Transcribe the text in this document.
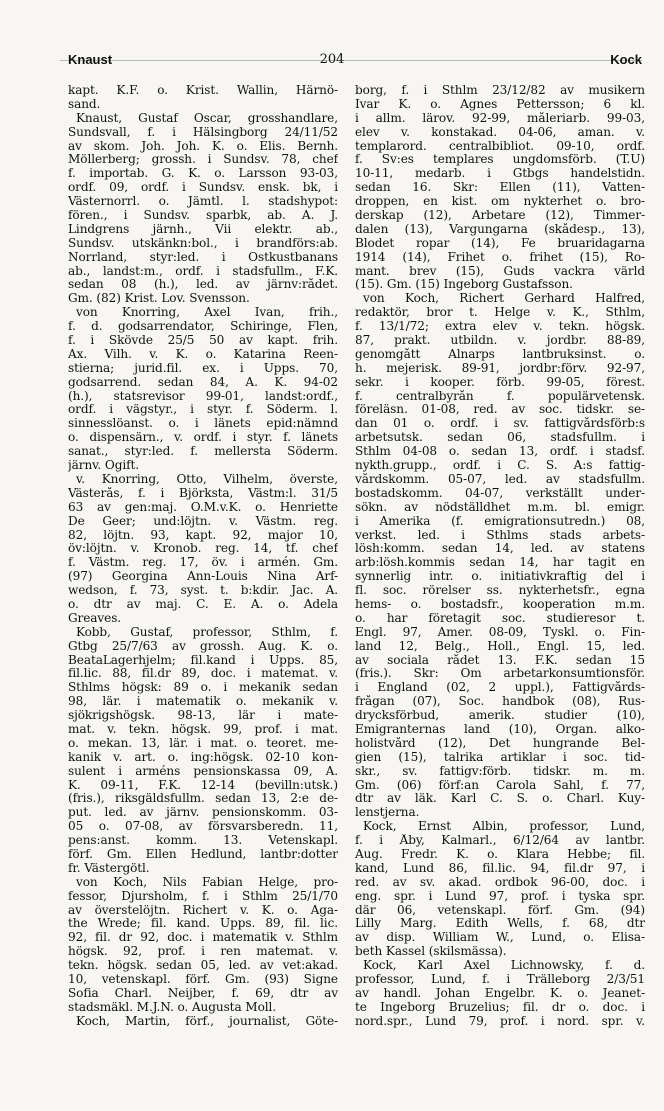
Knaust	204	Kock
kapt. K.F. o. Krist. Wallin, Härnö-
sand.
Knaust, Gustaf Oscar, grosshandlare,
Sundsvall, f. i Hälsingborg 24/11/52
av skom. Joh. Joh. K. o. Elis. Bernh.
Möllerberg; grossh. i Sundsv. 78, chef
f. importab. G. K. o. Larsson 93-03,
ordf. 09, ordf. i Sundsv. ensk. bk, i
Västernorrl. o. Jämtl. l. stadshypot:
fören., i Sundsv. sparbk, ab. A. J.
Lindgrens järnh., Vii elektr. ab.,
Sundsv. utskänkn:bol., i brandförs:ab.
Norrland, styr:led. i Ostkustbanans
ab., landst:m., ordf. i stadsfullm., F.K.
sedan 08 (h.), led. av järnv:rådet.
Gm. (82) Krist. Lov. Svensson.
von Knorring, Axel Ivan, frih.,
f. d. godsarrendator, Schiringe, Flen,
f. i Skövde 25/5 50 av kapt. frih.
Ax. Vilh. v. K. o. Katarina Reen-
stierna; jurid.fil. ex. i Upps. 70,
godsarrend. sedan 84, A. K. 94-02
(h.), statsrevisor 99-01, landst:ordf.,
ordf. i vägstyr., i styr. f. Söderm. l.
sinnesslöanst. o. i länets epid:nämnd
o. dispensärn., v. ordf. i styr. f. länets
sanat., styr:led. f. mellersta Söderm.
järnv. Ogift.
v. Knorring, Otto, Vilhelm, överste,
Västerås, f. i Björksta, Västm:l. 31/5
63 av gen:maj. O.M.v.K. o. Henriette
De Geer; und:löjtn. v. Västm. reg.
82, löjtn. 93, kapt. 92, major 10,
öv:löjtn. v. Kronob. reg. 14, tf. chef
f. Västm. reg. 17, öv. i armén. Gm.
(97) Georgina Ann-Louis Nina Arf-
wedson, f. 73, syst. t. b:kdir. Jac. A.
o. dtr av maj. C. E. A. o. Adela
Greaves.
Kobb, Gustaf, professor, Sthlm, f.
Gtbg 25/7/63 av grossh. Aug. K. o.
BeataLagerhjelm; fil.kand i Upps. 85,
fil.lic. 88, fil.dr 89, doc. i matemat. v.
Sthlms högsk: 89 o. i mekanik sedan
98, lär. i matematik o. mekanik v.
sjökrigshögsk. 98-13, lär i mate-
mat. v. tekn. högsk. 99, prof. i mat.
o. mekan. 13, lär. i mat. o. teoret. me-
kanik v. art. o. ing:högsk. 02-10 kon-
sulent i arméns pensionskassa 09, A.
K. 09-11, F.K. 12-14 (bevilln:utsk.)
(fris.), riksgäldsfullm. sedan 13, 2:e de-
put. led. av järnv. pensionskomm. 03-
05 o. 07-08, av försvarsberedn. 11,
pens:anst. komm. 13. Vetenskapl.
förf. Gm. Ellen Hedlund, lantbr:dotter
fr. Västergötl.
von Koch, Nils Fabian Helge, pro-
fessor, Djursholm, f. i Sthlm 25/1/70
av överstelöjtn. Richert v. K. o. Aga-
the Wrede; fil. kand. Upps. 89, fil. lic.
92, fil. dr 92, doc. i matematik v. Sthlm
högsk. 92, prof. i ren matemat. v.
tekn. högsk. sedan 05, led. av vet:akad.
10, vetenskapl. förf. Gm. (93) Signe
Sofia Charl. Neijber, f. 69, dtr av
stadsmäkl. M.J.N. o. Augusta Moll.
Koch, Martin, förf., journalist, Göte-
borg, f. i Sthlm 23/12/82 av musikern
Ivar K. o. Agnes Pettersson; 6 kl.
i allm. lärov. 92-99, måleriarb. 99-03,
elev v. konstakad. 04-06, aman. v.
templarord. centralbibliot. 09-10, ordf.
f. Sv:es templares ungdomsförb. (T.U)
10-11, medarb. i Gtbgs handelstidn.
sedan 16. Skr: Ellen (11), Vatten-
droppen, en kist. om nykterhet o. bro-
derskap (12), Arbetare (12), Timmer-
dalen (13), Vargungarna (skådesp., 13),
Blodet ropar (14), Fe bruaridagarna
1914 (14), Frihet o. frihet (15), Ro-
mant. brev (15), Guds vackra värld
(15). Gm. (15) Ingeborg Gustafsson.
von Koch, Richert Gerhard Halfred,
redaktör, bror t. Helge v. K., Sthlm,
f. 13/1/72; extra elev v. tekn. högsk.
87, prakt. utbildn. v. jordbr. 88-89,
genomgått Alnarps lantbruksinst. o.
h. mejerisk. 89-91, jordbr:förv. 92-97,
sekr. i kooper. förb. 99-05, förest.
f. centralbyrån f. populärvetensk.
föreläsn. 01-08, red. av soc. tidskr. se-
dan 01 o. ordf. i sv. fattigvårdsförb:s
arbetsutsk. sedan 06, stadsfullm. i
Sthlm 04-08 o. sedan 13, ordf. i stadsf.
nykth.grupp., ordf. i C. S. A:s fattig-
vårdskomm. 05-07, led. av stadsfullm.
bostadskomm. 04-07, verkställt under-
sökn. av nödställdhet m.m. bl. emigr.
i Amerika (f. emigrationsutredn.) 08,
verkst. led. i Sthlms stads arbets-
lösh:komm. sedan 14, led. av statens
arb:lösh.kommis sedan 14, har tagit en
synnerlig intr. o. initiativkraftig del i
fl. soc. rörelser ss. nykterhetsfr., egna
hems- o. bostadsfr., kooperation m.m.
o. har företagit soc. studieresor t.
Engl. 97, Amer. 08-09, Tyskl. o. Fin-
land 12, Belg., Holl., Engl. 15, led.
av sociala rådet 13. F.K. sedan 15
(fris.). Skr: Om arbetarkonsumtionsför.
i England (02, 2 uppl.), Fattigvårds-
frågan (07), Soc. handbok (08), Rus-
drycksförbud, amerik. studier (10),
Emigranternas land (10), Organ. alko-
holistvård (12), Det hungrande Bel-
gien (15), talrika artiklar i soc. tid-
skr., sv. fattigv:förb. tidskr. m. m.
Gm. (06) förf:an Carola Sahl, f. 77,
dtr av läk. Karl C. S. o. Charl. Kuy-
lenstjerna.
Kock, Ernst Albin, professor, Lund,
f. i Åby, Kalmarl., 6/12/64 av lantbr.
Aug. Fredr. K. o. Klara Hebbe; fil.
kand, Lund 86, fil.lic. 94, fil.dr 97, i
red. av sv. akad. ordbok 96-00, doc. i
eng. spr. i Lund 97, prof. i tyska spr.
där 06, vetenskapl. förf. Gm. (94)
Lilly Marg. Edith Wells, f. 68, dtr
av disp. William W., Lund, o. Elisa-
beth Kassel (skilsmässa).
Kock, Karl Axel Lichnowsky, f. d.
professor, Lund, f. i Trälleborg 2/3/51
av handl. Johan Engelbr. K. o. Jeanet-
te Ingeborg Bruzelius; fil. dr o. doc. i
nord.spr., Lund 79, prof. i nord. spr. v.
